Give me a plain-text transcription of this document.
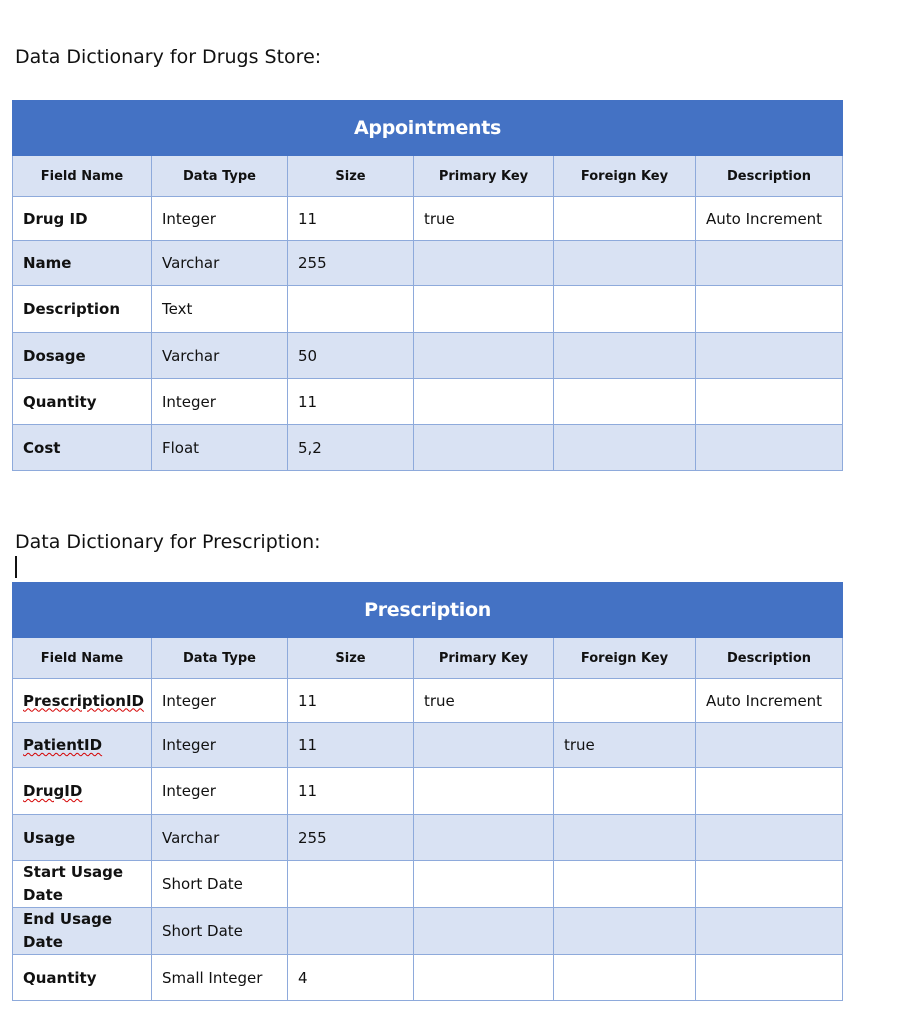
Data Dictionary for Drugs Store:
Appointments					
Field Name	Data Type	Size	Primary Key	Foreign Key	Description
Drug ID	Integer	11	true		Auto Increment
Name	Varchar	255			
Description	Text				
Dosage	Varchar	50			
Quantity	Integer	11			
Cost	Float	5,2			
Data Dictionary for Prescription:
Prescription					
Field Name	Data Type	Size	Primary Key	Foreign Key	Description
PrescriptionID	Integer	11	true		Auto Increment
PatientID	Integer	11		true	
DrugID	Integer	11			
Usage	Varchar	255			
Start Usage Date	Short Date				
End Usage Date	Short Date				
Quantity	Small Integer	4			
